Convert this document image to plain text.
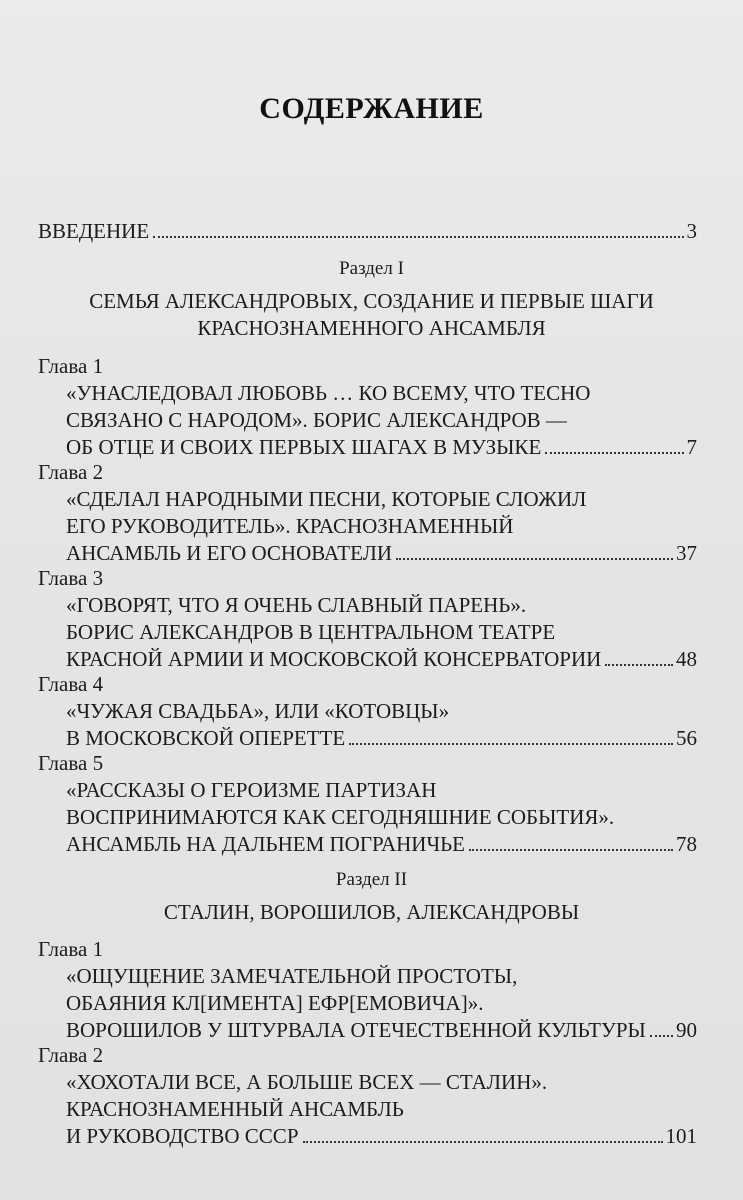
СОДЕРЖАНИЕ
ВВЕДЕНИЕ	3
Раздел I
СЕМЬЯ АЛЕКСАНДРОВЫХ, СОЗДАНИЕ И ПЕРВЫЕ ШАГИ
КРАСНОЗНАМЕННОГО АНСАМБЛЯ
Глава 1
«УНАСЛЕДОВАЛ ЛЮБОВЬ … КО ВСЕМУ, ЧТО ТЕСНО
СВЯЗАНО С НАРОДОМ». БОРИС АЛЕКСАНДРОВ —
ОБ ОТЦЕ И СВОИХ ПЕРВЫХ ШАГАХ В МУЗЫКЕ	7
Глава 2
«СДЕЛАЛ НАРОДНЫМИ ПЕСНИ, КОТОРЫЕ СЛОЖИЛ
ЕГО РУКОВОДИТЕЛЬ». КРАСНОЗНАМЕННЫЙ
АНСАМБЛЬ И ЕГО ОСНОВАТЕЛИ	37
Глава 3
«ГОВОРЯТ, ЧТО Я ОЧЕНЬ СЛАВНЫЙ ПАРЕНЬ».
БОРИС АЛЕКСАНДРОВ В ЦЕНТРАЛЬНОМ ТЕАТРЕ
КРАСНОЙ АРМИИ И МОСКОВСКОЙ КОНСЕРВАТОРИИ	48
Глава 4
«ЧУЖАЯ СВАДЬБА», ИЛИ «КОТОВЦЫ»
В МОСКОВСКОЙ ОПЕРЕТТЕ	56
Глава 5
«РАССКАЗЫ О ГЕРОИЗМЕ ПАРТИЗАН
ВОСПРИНИМАЮТСЯ КАК СЕГОДНЯШНИЕ СОБЫТИЯ».
АНСАМБЛЬ НА ДАЛЬНЕМ ПОГРАНИЧЬЕ	78
Раздел II
СТАЛИН, ВОРОШИЛОВ, АЛЕКСАНДРОВЫ
Глава 1
«ОЩУЩЕНИЕ ЗАМЕЧАТЕЛЬНОЙ ПРОСТОТЫ,
ОБАЯНИЯ КЛ[ИМЕНТА] ЕФР[ЕМОВИЧА]».
ВОРОШИЛОВ У ШТУРВАЛА ОТЕЧЕСТВЕННОЙ КУЛЬТУРЫ 90
Глава 2
«ХОХОТАЛИ ВСЕ, А БОЛЬШЕ ВСЕХ — СТАЛИН».
КРАСНОЗНАМЕННЫЙ АНСАМБЛЬ
И РУКОВОДСТВО СССР	101
